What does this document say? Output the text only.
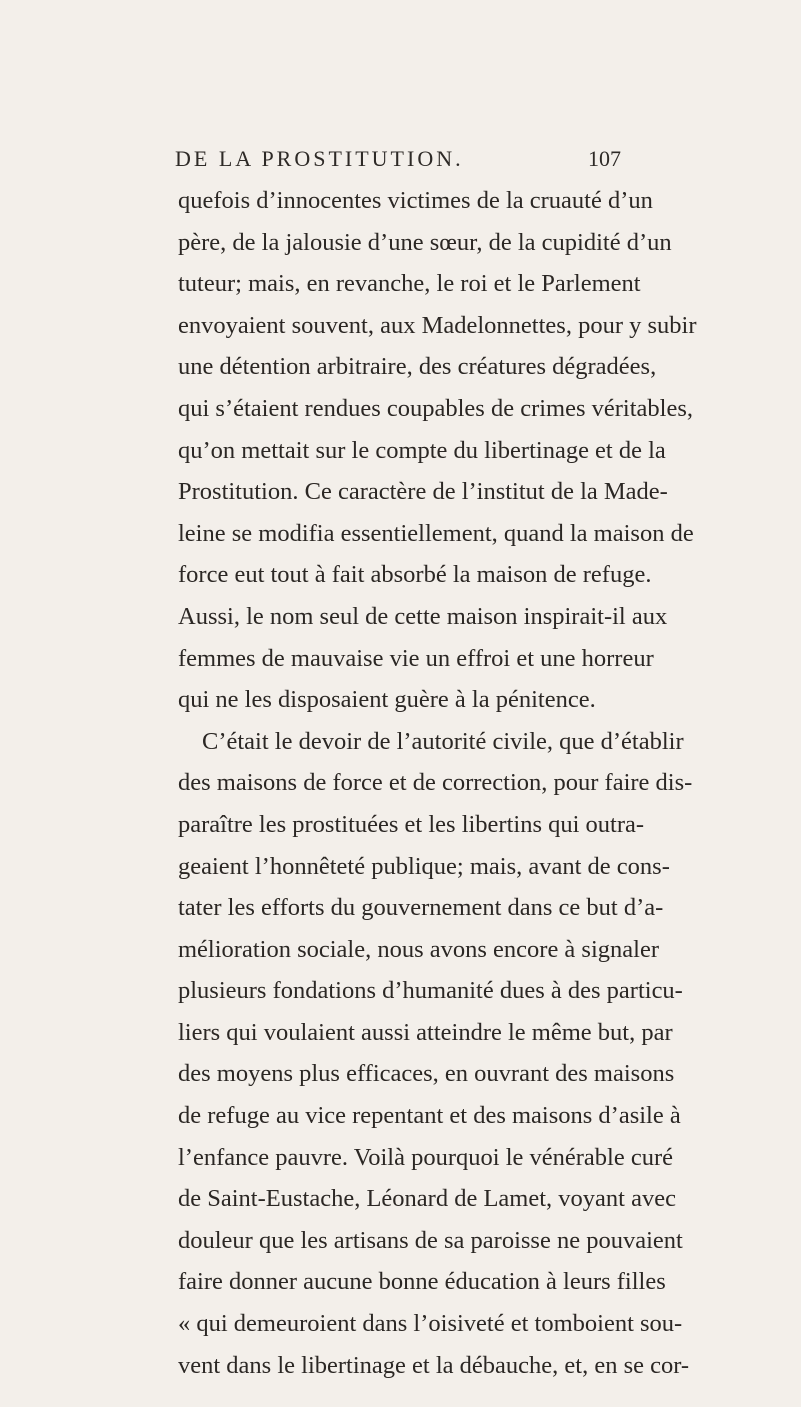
DE LA PROSTITUTION.	107
quefois d’innocentes victimes de la cruauté d’un
père, de la jalousie d’une sœur, de la cupidité d’un
tuteur; mais, en revanche, le roi et le Parlement
envoyaient souvent, aux Madelonnettes, pour y subir
une détention arbitraire, des créatures dégradées,
qui s’étaient rendues coupables de crimes véritables,
qu’on mettait sur le compte du libertinage et de la
Prostitution. Ce caractère de l’institut de la Made-
leine se modifia essentiellement, quand la maison de
force eut tout à fait absorbé la maison de refuge.
Aussi, le nom seul de cette maison inspirait-il aux
femmes de mauvaise vie un effroi et une horreur
qui ne les disposaient guère à la pénitence.
C’était le devoir de l’autorité civile, que d’établir
des maisons de force et de correction, pour faire dis-
paraître les prostituées et les libertins qui outra-
geaient l’honnêteté publique; mais, avant de cons-
tater les efforts du gouvernement dans ce but d’a-
mélioration sociale, nous avons encore à signaler
plusieurs fondations d’humanité dues à des particu-
liers qui voulaient aussi atteindre le même but, par
des moyens plus efficaces, en ouvrant des maisons
de refuge au vice repentant et des maisons d’asile à
l’enfance pauvre. Voilà pourquoi le vénérable curé
de Saint-Eustache, Léonard de Lamet, voyant avec
douleur que les artisans de sa paroisse ne pouvaient
faire donner aucune bonne éducation à leurs filles
« qui demeuroient dans l’oisiveté et tomboient sou-
vent dans le libertinage et la débauche, et, en se cor-
